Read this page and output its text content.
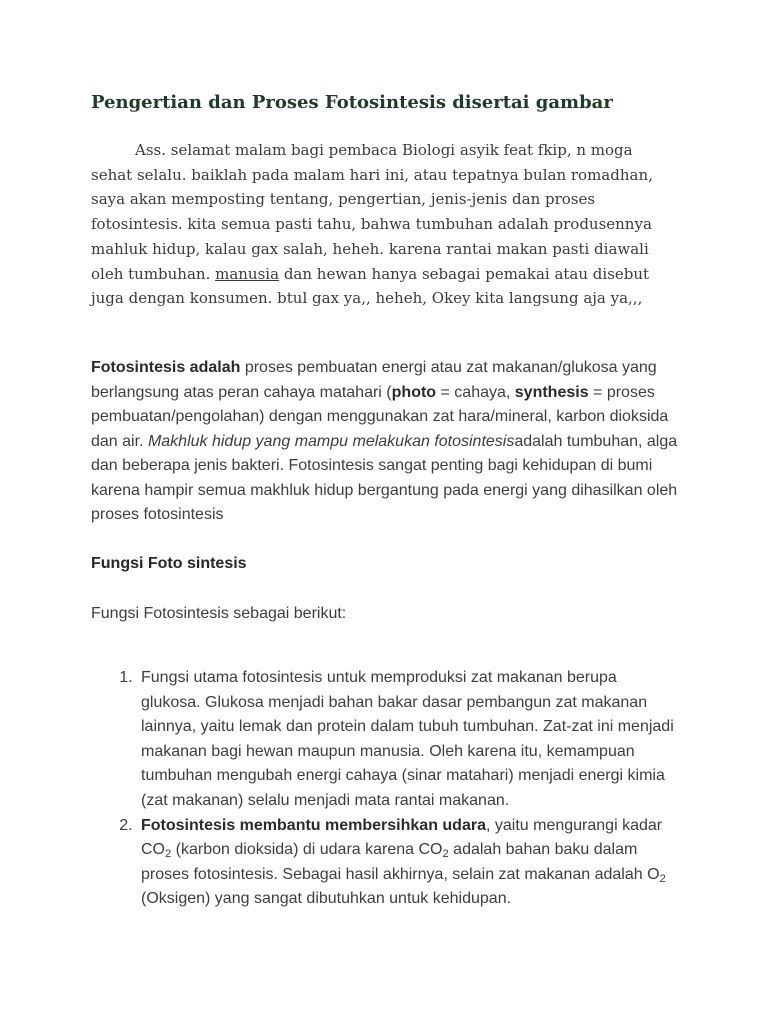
Pengertian dan Proses Fotosintesis disertai gambar

Ass. selamat malam bagi pembaca Biologi asyik feat fkip, n moga sehat selalu. baiklah pada malam hari ini, atau tepatnya bulan romadhan, saya akan memposting tentang, pengertian, jenis-jenis dan proses fotosintesis. kita semua pasti tahu, bahwa tumbuhan adalah produsennya mahluk hidup, kalau gax salah, heheh. karena rantai makan pasti diawali oleh tumbuhan. manusia dan hewan hanya sebagai pemakai atau disebut juga dengan konsumen. btul gax ya,, heheh, Okey kita langsung aja ya,,,

Fotosintesis adalah proses pembuatan energi atau zat makanan/glukosa yang berlangsung atas peran cahaya matahari (photo = cahaya, synthesis = proses pembuatan/pengolahan) dengan menggunakan zat hara/mineral, karbon dioksida dan air. Makhluk hidup yang mampu melakukan fotosintesisadalah tumbuhan, alga dan beberapa jenis bakteri. Fotosintesis sangat penting bagi kehidupan di bumi karena hampir semua makhluk hidup bergantung pada energi yang dihasilkan oleh proses fotosintesis

Fungsi Foto sintesis

Fungsi Fotosintesis sebagai berikut:

1. Fungsi utama fotosintesis untuk memproduksi zat makanan berupa glukosa. Glukosa menjadi bahan bakar dasar pembangun zat makanan lainnya, yaitu lemak dan protein dalam tubuh tumbuhan. Zat-zat ini menjadi makanan bagi hewan maupun manusia. Oleh karena itu, kemampuan tumbuhan mengubah energi cahaya (sinar matahari) menjadi energi kimia (zat makanan) selalu menjadi mata rantai makanan.
2. Fotosintesis membantu membersihkan udara, yaitu mengurangi kadar $CO_2$ (karbon dioksida) di udara karena $CO_2$ adalah bahan baku dalam proses fotosintesis. Sebagai hasil akhirnya, selain zat makanan adalah $O_2$ (Oksigen) yang sangat dibutuhkan untuk kehidupan.
